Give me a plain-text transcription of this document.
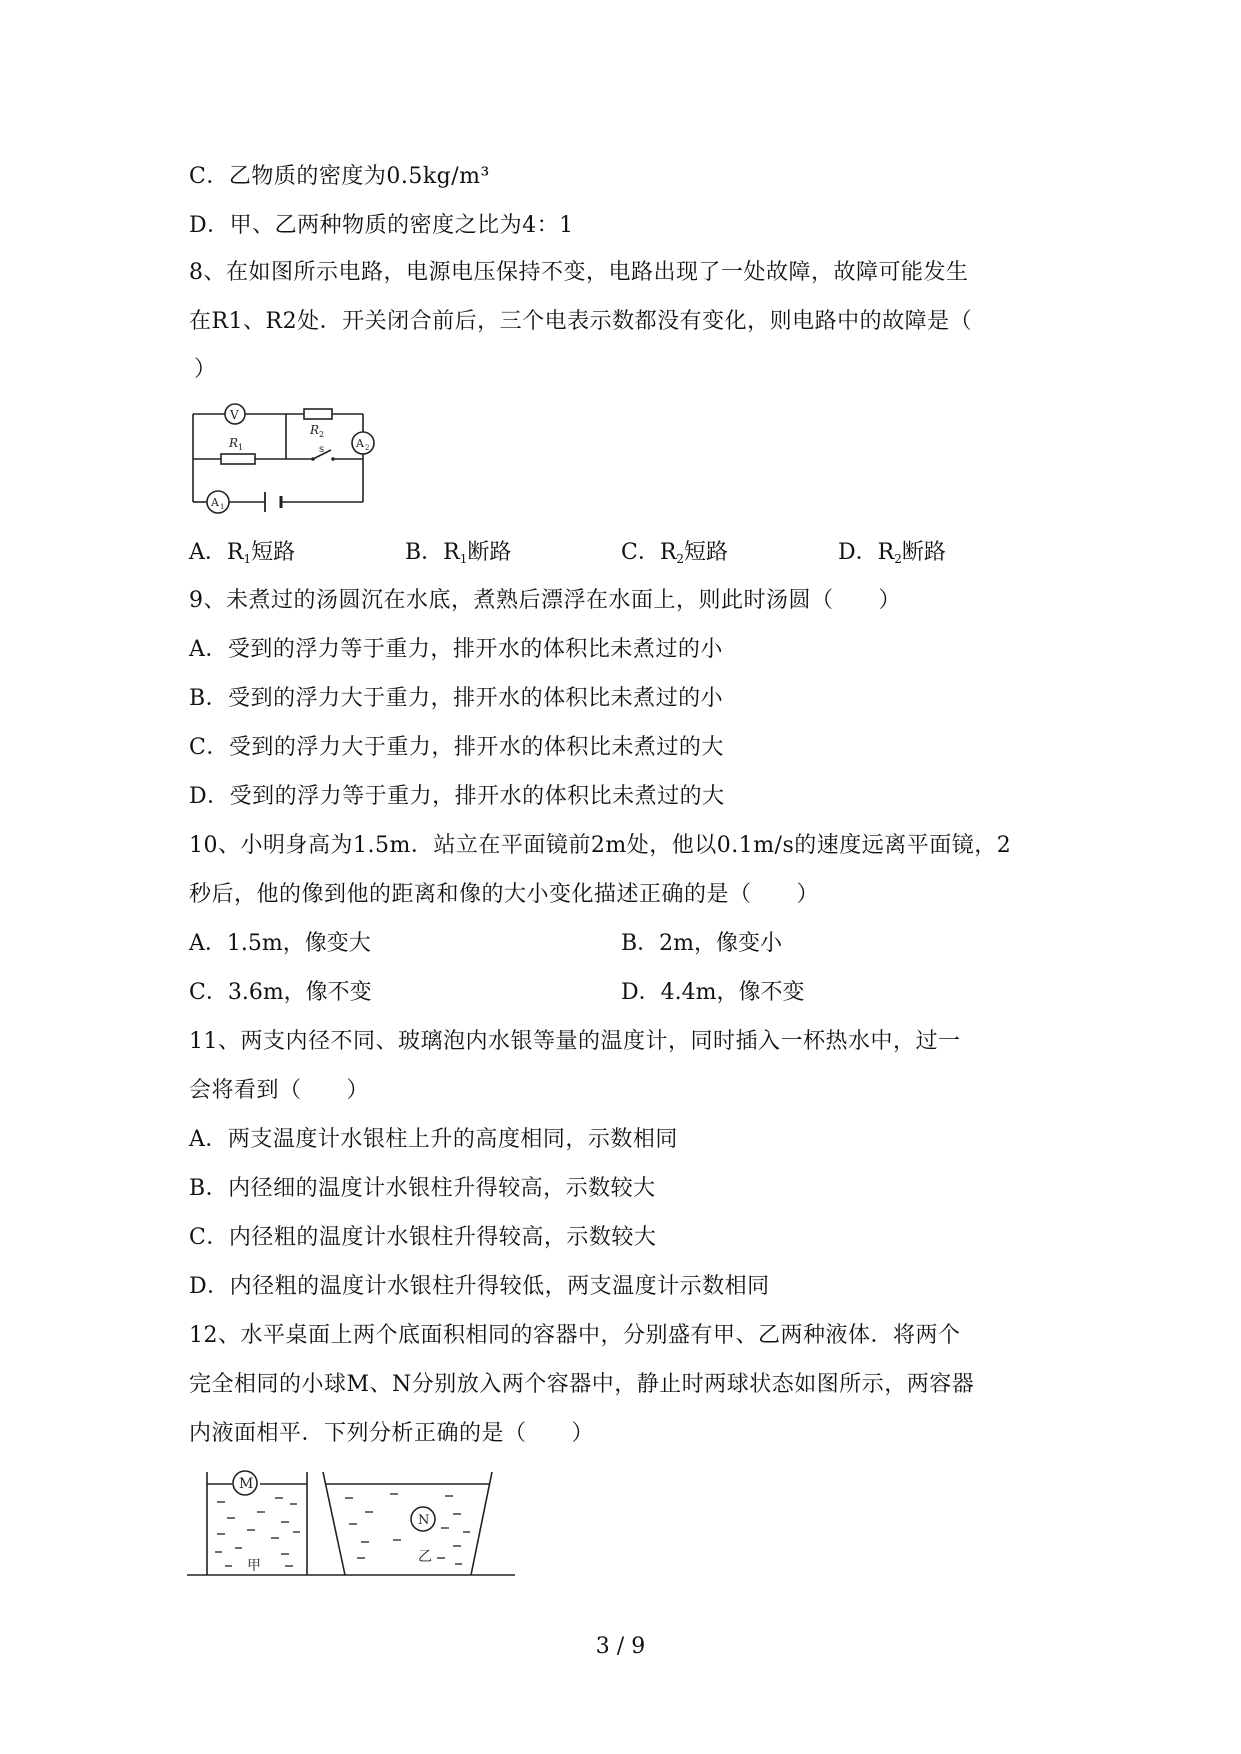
C．乙物质的密度为0.5kg/m³
D．甲、乙两种物质的密度之比为4：1
8、在如图所示电路，电源电压保持不变，电路出现了一处故障，故障可能发生
在R1、R2处．开关闭合前后，三个电表示数都没有变化，则电路中的故障是（
）
V
R 1
R 2
s	A 2
A 1
A．$R_1$短路	B．$R_1$断路	C．$R_2$短路	D．$R_2$断路
9、未煮过的汤圆沉在水底，煮熟后漂浮在水面上，则此时汤圆（　　）
A．受到的浮力等于重力，排开水的体积比未煮过的小
B．受到的浮力大于重力，排开水的体积比未煮过的小
C．受到的浮力大于重力，排开水的体积比未煮过的大
D．受到的浮力等于重力，排开水的体积比未煮过的大
10、小明身高为1.5m．站立在平面镜前2m处，他以0.1m/s的速度远离平面镜，2
秒后，他的像到他的距离和像的大小变化描述正确的是（　　）
A．1.5m，像变大	B．2m，像变小
C．3.6m，像不变	D．4.4m，像不变
11、两支内径不同、玻璃泡内水银等量的温度计，同时插入一杯热水中，过一
会将看到（　　）
A．两支温度计水银柱上升的高度相同，示数相同
B．内径细的温度计水银柱升得较高，示数较大
C．内径粗的温度计水银柱升得较高，示数较大
D．内径粗的温度计水银柱升得较低，两支温度计示数相同
12、水平桌面上两个底面积相同的容器中，分别盛有甲、乙两种液体．将两个
完全相同的小球M、N分别放入两个容器中，静止时两球状态如图所示，两容器
内液面相平．下列分析正确的是（　　）
M
N
甲
乙
3 / 9
